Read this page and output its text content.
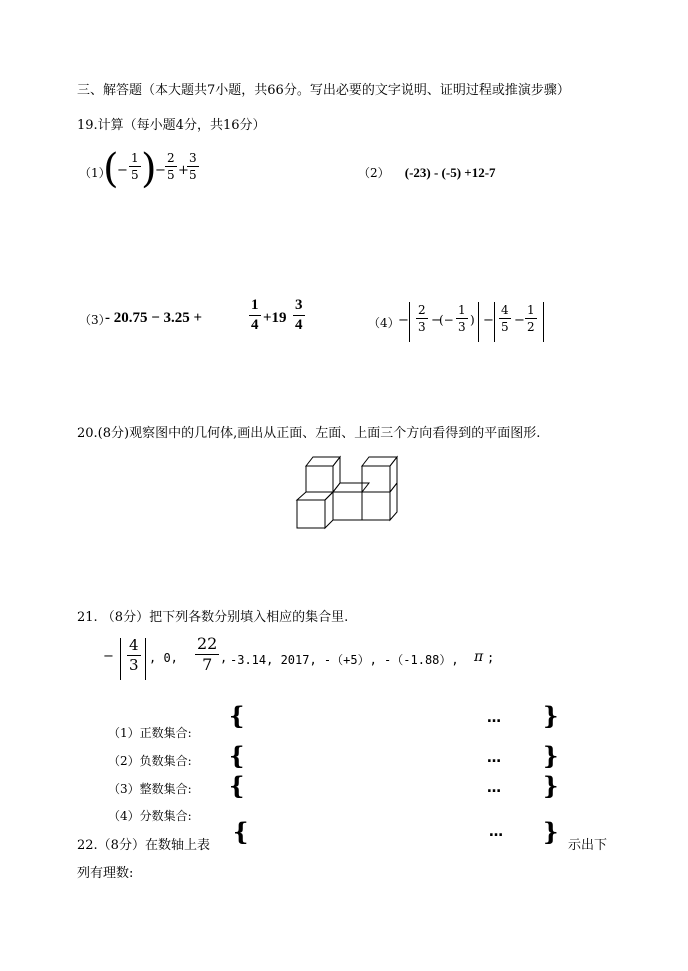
三、解答题（本大题共7小题，共66分。写出必要的文字说明、证明过程或推演步骤）
19.计算（每小题4分，共16分）
（1）
(
− $\frac{1}{5}$ )
− $\frac{2}{5}$ +
$\frac{3}{5}$	（2） (-23) - (-5) +12-7
（3）
- 20.75 − 3.25 +	$\frac{1}{4} +19 \frac{3}{4}$	（4）
− $\frac{2}{3}$ −
(− $\frac{1}{3}$ ) − $\frac{4}{5} - \frac{1}{2}$
20.(8分)观察图中的几何体,画出从正面、左面、上面三个方向看得到的平面图形.
21. （8分）把下列各数分别填入相应的集合里.
− $\frac{4}{3}$ , 0, $\frac{22}{7}$ , -3.14, 2017, -（+5）, -（-1.88）, π ;
（1）正数集合:
{	… }
（2）负数集合: {	… }
（3）整数集合: {	… }
（4）分数集合:
{	… }
22.（8分）在数轴上表	示出下
列有理数:
